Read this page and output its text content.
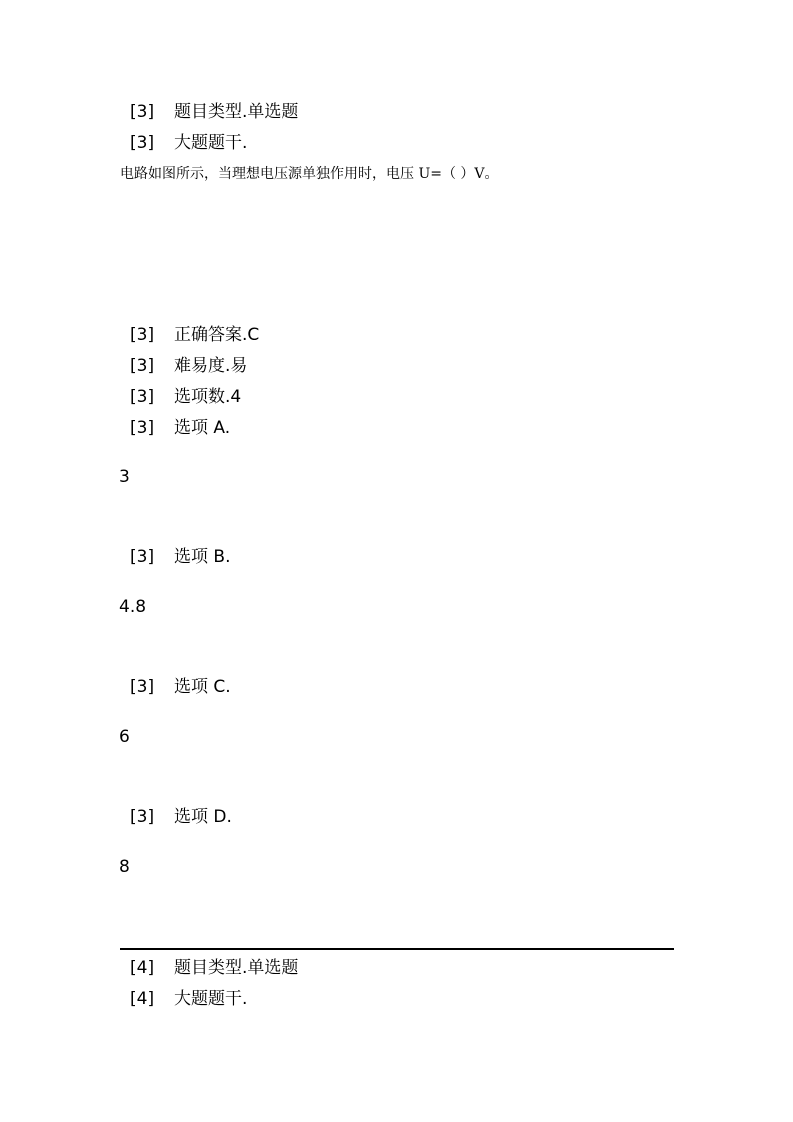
[3] 题目类型.单选题
[3] 大题题干.
电路如图所示，当理想电压源单独作用时，电压 U=（ ）V。
[3] 正确答案.C
[3] 难易度.易
[3] 选项数.4
[3] 选项 A.
3
[3] 选项 B.
4.8
[3] 选项 C.
6
[3] 选项 D.
8
[4] 题目类型.单选题
[4] 大题题干.
